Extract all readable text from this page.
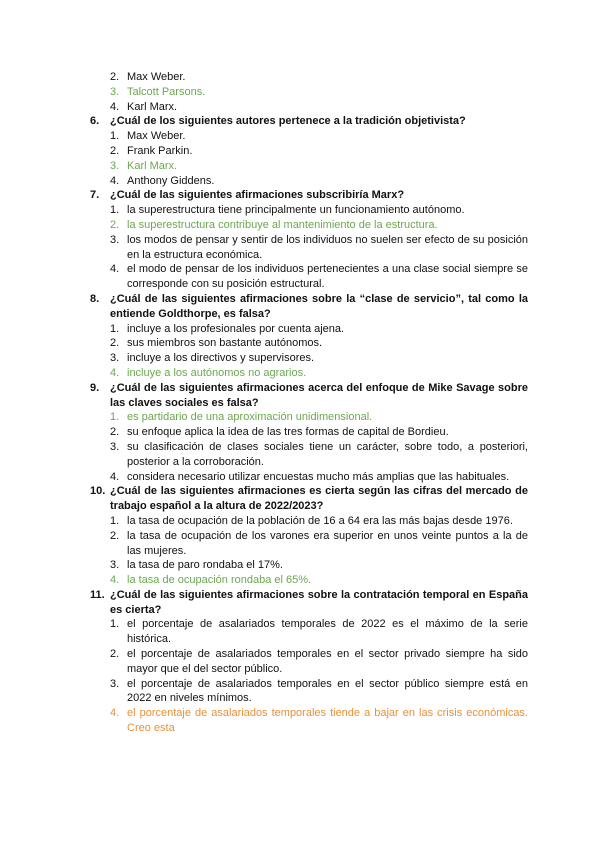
2. Max Weber.
3. Talcott Parsons.
4. Karl Marx.
6. ¿Cuál de los siguientes autores pertenece a la tradición objetivista?
1. Max Weber.
2. Frank Parkin.
3. Karl Marx.
4. Anthony Giddens.
7. ¿Cuál de las siguientes afirmaciones subscribiría Marx?
1. la superestructura tiene principalmente un funcionamiento autónomo.
2. la superestructura contribuye al mantenimiento de la estructura.
3. los modos de pensar y sentir de los individuos no suelen ser efecto de su posición en la estructura económica.
4. el modo de pensar de los individuos pertenecientes a una clase social siempre se corresponde con su posición estructural.
8. ¿Cuál de las siguientes afirmaciones sobre la “clase de servicio”, tal como la entiende Goldthorpe, es falsa?
1. incluye a los profesionales por cuenta ajena.
2. sus miembros son bastante autónomos.
3. incluye a los directivos y supervisores.
4. incluye a los autónomos no agrarios.
9. ¿Cuál de las siguientes afirmaciones acerca del enfoque de Mike Savage sobre las claves sociales es falsa?
1. es partidario de una aproximación unidimensional.
2. su enfoque aplica la idea de las tres formas de capital de Bordieu.
3. su clasificación de clases sociales tiene un carácter, sobre todo, a posteriori, posterior a la corroboración.
4. considera necesario utilizar encuestas mucho más amplias que las habituales.
10. ¿Cuál de las siguientes afirmaciones es cierta según las cifras del mercado de trabajo español a la altura de 2022/2023?
1. la tasa de ocupación de la población de 16 a 64 era las más bajas desde 1976.
2. la tasa de ocupación de los varones era superior en unos veinte puntos a la de las mujeres.
3. la tasa de paro rondaba el 17%.
4. la tasa de ocupación rondaba el 65%.
11. ¿Cuál de las siguientes afirmaciones sobre la contratación temporal en España es cierta?
1. el porcentaje de asalariados temporales de 2022 es el máximo de la serie histórica.
2. el porcentaje de asalariados temporales en el sector privado siempre ha sido mayor que el del sector público.
3. el porcentaje de asalariados temporales en el sector público siempre está en 2022 en niveles mínimos.
4. el porcentaje de asalariados temporales tiende a bajar en las crisis económicas. Creo esta
